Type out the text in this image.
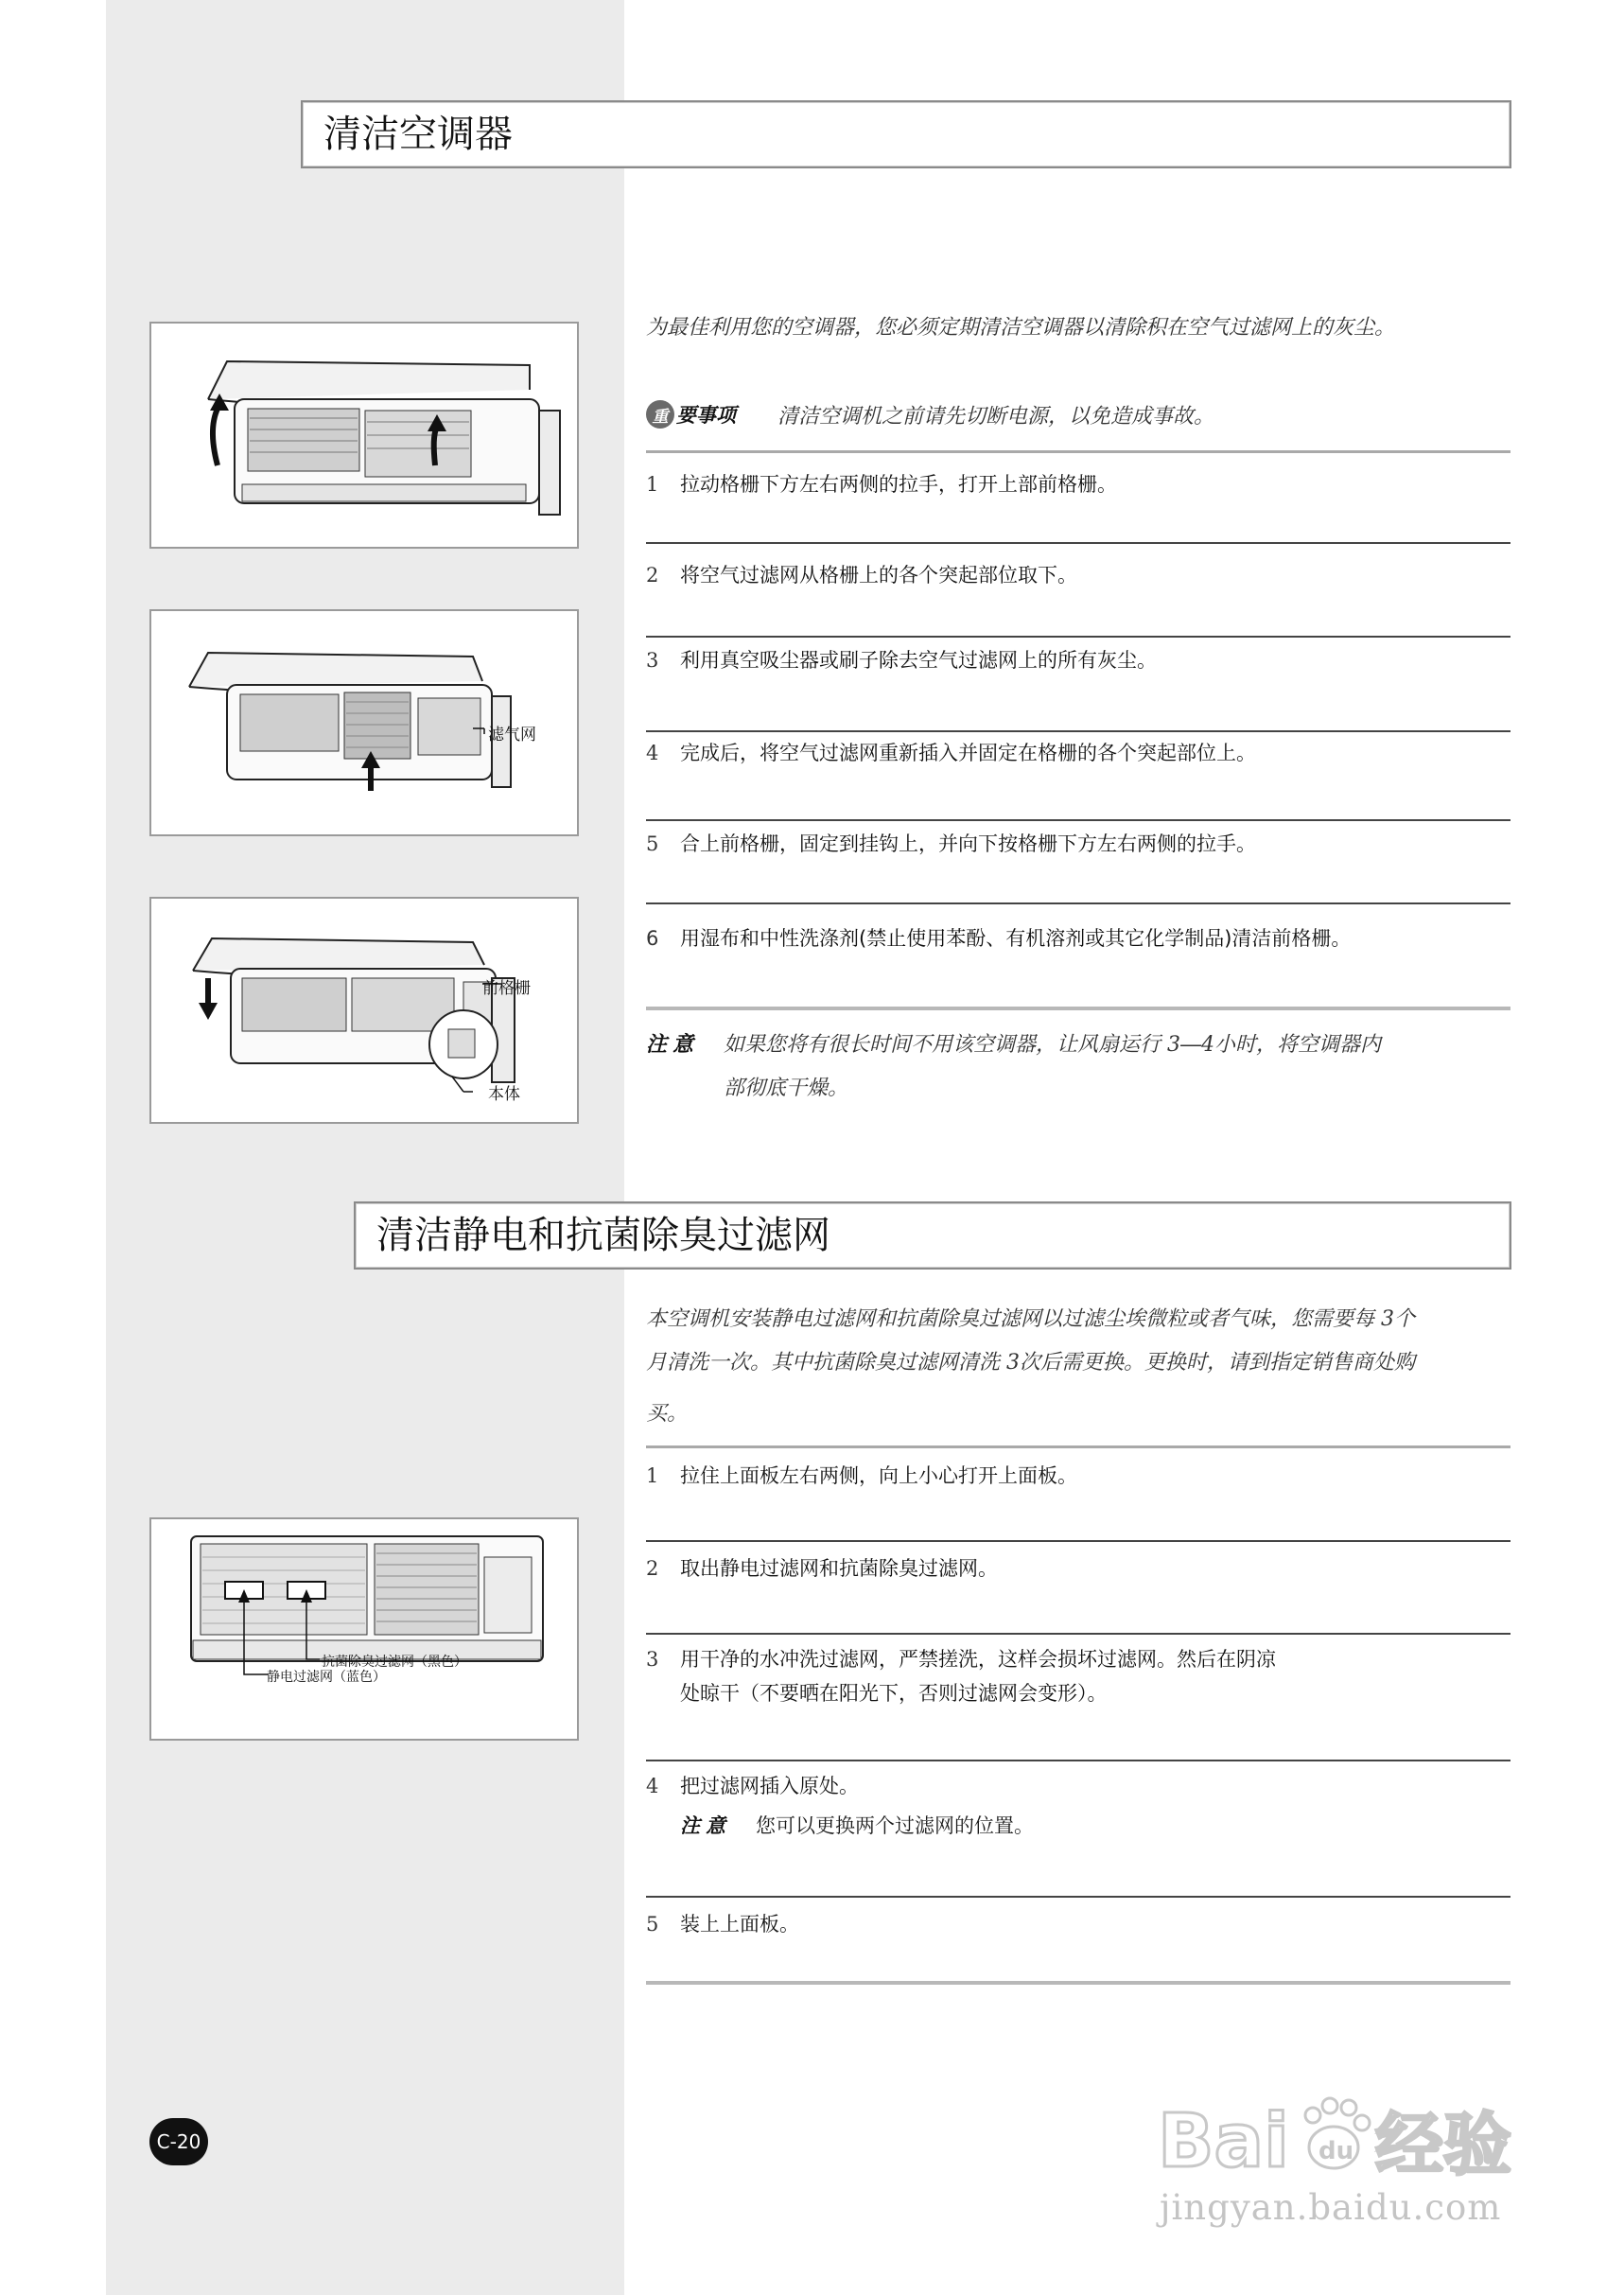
清洁空调器
为最佳利用您的空调器，您必须定期清洁空调器以清除积在空气过滤网上的灰尘。
重 要事项 清洁空调机之前请先切断电源，以免造成事故。
1	拉动格栅下方左右两侧的拉手，打开上部前格栅。
2	将空气过滤网从格栅上的各个突起部位取下。
3	利用真空吸尘器或刷子除去空气过滤网上的所有灰尘。
4	完成后，将空气过滤网重新插入并固定在格栅的各个突起部位上。
5	合上前格栅，固定到挂钩上，并向下按格栅下方左右两侧的拉手。
6	用湿布和中性洗涤剂(禁止使用苯酚、有机溶剂或其它化学制品)清洁前格栅。
注意	如果您将有很长时间不用该空调器，让风扇运行 3―4小时，将空调器内
部彻底干燥。
滤气网
前格栅
本体
清洁静电和抗菌除臭过滤网
本空调机安装静电过滤网和抗菌除臭过滤网以过滤尘埃微粒或者气味，您需要每 3个
月清洗一次。其中抗菌除臭过滤网清洗 3次后需更换。更换时，请到指定销售商处购
买。
1	拉住上面板左右两侧，向上小心打开上面板。
2	取出静电过滤网和抗菌除臭过滤网。
3	用干净的水冲洗过滤网，严禁搓洗，这样会损坏过滤网。然后在阴凉
处晾干（不要晒在阳光下，否则过滤网会变形）。
4	把过滤网插入原处。
注意	您可以更换两个过滤网的位置。
5	装上上面板。
抗菌除臭过滤网（黑色）
静电过滤网（蓝色）
C-20	Bai du 经验
jingyan.baidu.com
